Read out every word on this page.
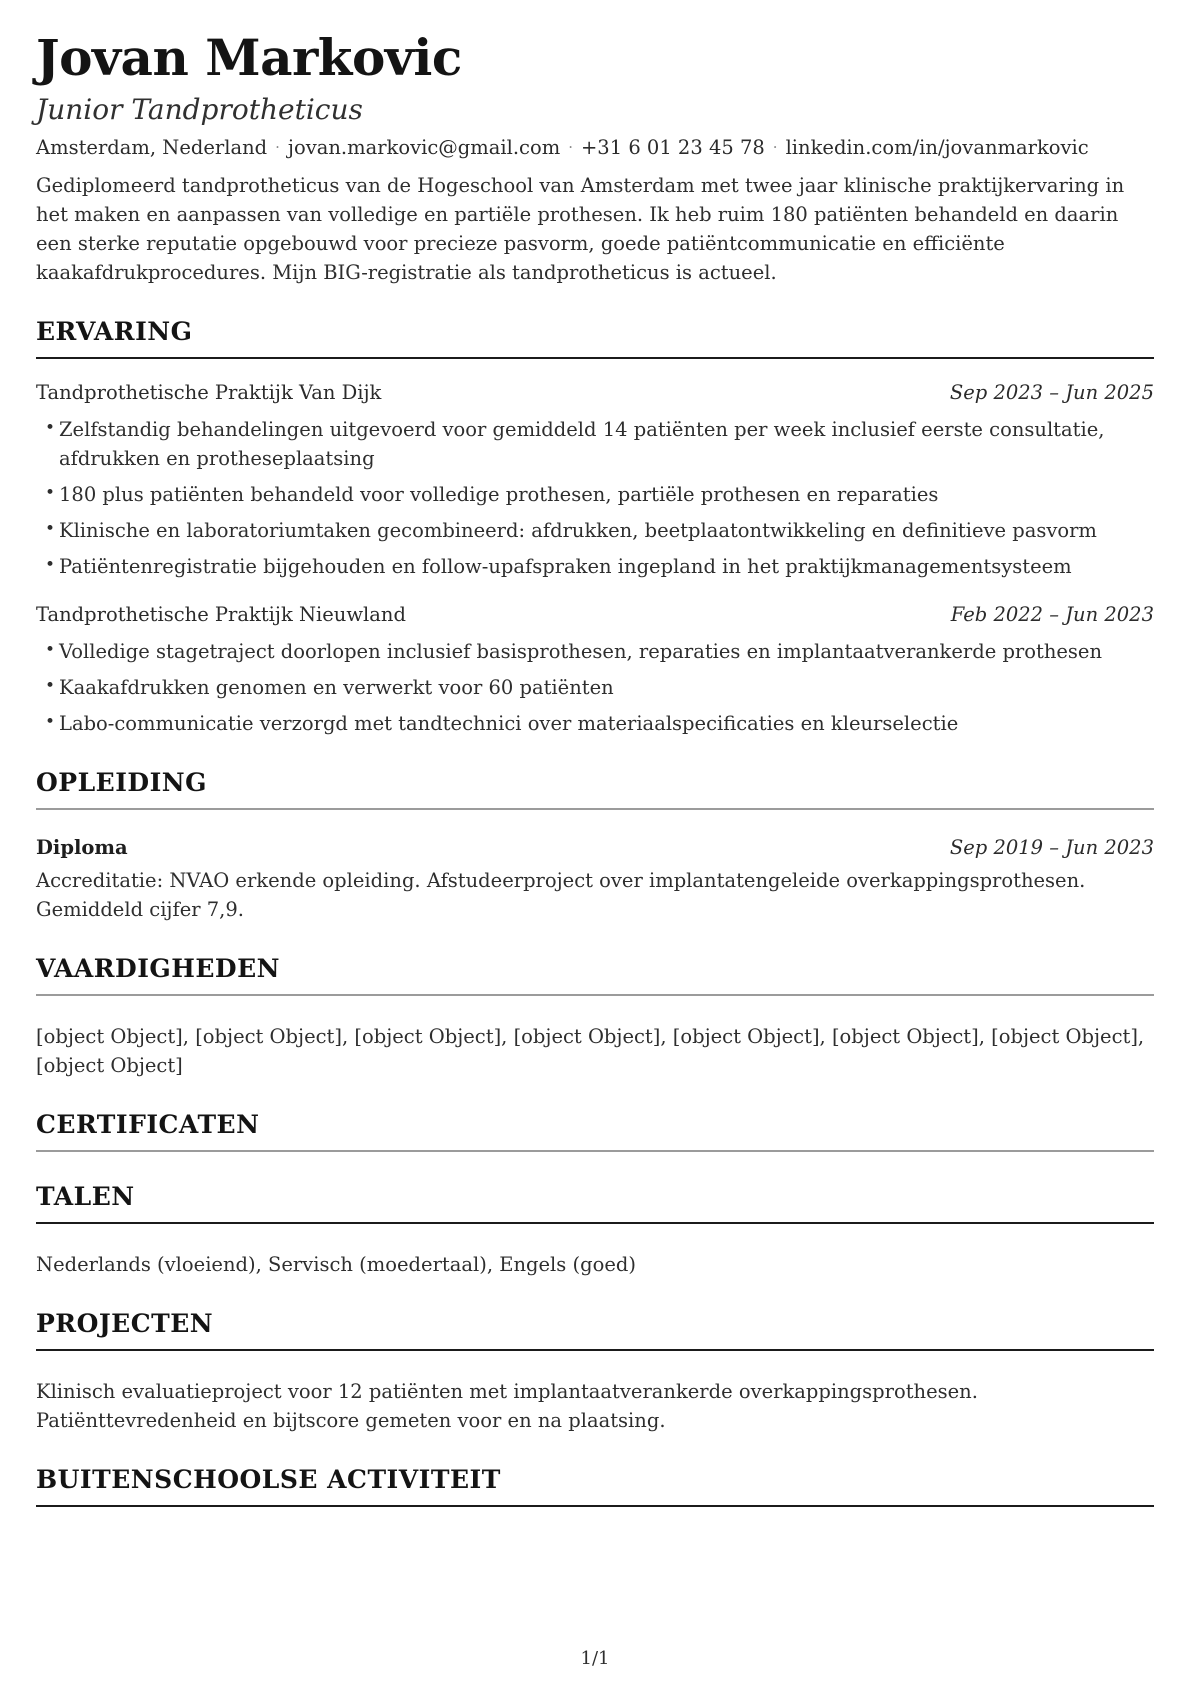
Jovan Markovic
Junior Tandprotheticus
Amsterdam, Nederland · jovan.markovic@gmail.com · +31 6 01 23 45 78 · linkedin.com/in/jovanmarkovic

Gediplomeerd tandprotheticus van de Hogeschool van Amsterdam met twee jaar klinische praktijkervaring in het maken en aanpassen van volledige en partiële prothesen. Ik heb ruim 180 patiënten behandeld en daarin een sterke reputatie opgebouwd voor precieze pasvorm, goede patiëntcommunicatie en efficiënte kaakafdrukprocedures. Mijn BIG-registratie als tandprotheticus is actueel.

ERVARING
Tandprothetische Praktijk Van Dijk	Sep 2023 – Jun 2025
• Zelfstandig behandelingen uitgevoerd voor gemiddeld 14 patiënten per week inclusief eerste consultatie, afdrukken en protheseplaatsing
• 180 plus patiënten behandeld voor volledige prothesen, partiële prothesen en reparaties
• Klinische en laboratoriumtaken gecombineerd: afdrukken, beetplaatontwikkeling en definitieve pasvorm
• Patiëntenregistratie bijgehouden en follow-upafspraken ingepland in het praktijkmanagementsysteem
Tandprothetische Praktijk Nieuwland	Feb 2022 – Jun 2023
• Volledige stagetraject doorlopen inclusief basisprothesen, reparaties en implantaatverankerde prothesen
• Kaakafdrukken genomen en verwerkt voor 60 patiënten
• Labo-communicatie verzorgd met tandtechnici over materiaalspecificaties en kleurselectie
OPLEIDING
Diploma	Sep 2019 – Jun 2023

Accreditatie: NVAO erkende opleiding. Afstudeerproject over implantatengeleide overkappingsprothesen. Gemiddeld cijfer 7,9.

VAARDIGHEDEN

[object Object], [object Object], [object Object], [object Object], [object Object], [object Object], [object Object], [object Object]

CERTIFICATEN
TALEN

Nederlands (vloeiend), Servisch (moedertaal), Engels (goed)

PROJECTEN

Klinisch evaluatieproject voor 12 patiënten met implantaatverankerde overkappingsprothesen. Patiënttevredenheid en bijtscore gemeten voor en na plaatsing.

BUITENSCHOOLSE ACTIVITEIT
1/1
